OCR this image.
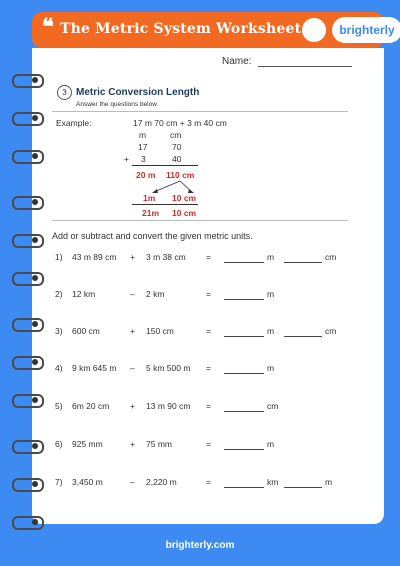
❝ The Metric System Worksheet	brighterly
Name:
3 Metric Conversion Length
Answer the questions below
Example:	17 m 70 cm + 3 m 40 cm
m	cm
17	70
+ 3	40
20 m 110 cm
1m 10 cm
21m 10 cm
Add or subtract and convert the given metric units.
1) 43 m 89 cm + 3 m 38 cm =	m	cm
2) 12 km	– 2 km	=	m
3) 600 cm	+ 150 cm	=	m	cm
4) 9 km 645 m – 5 km 500 m =	m
5) 6m 20 cm + 13 m 90 cm =	cm
6) 925 mm	+ 75 mm	=	m
7) 3,450 m	– 2,220 m	=	km	m
brighterly.com
